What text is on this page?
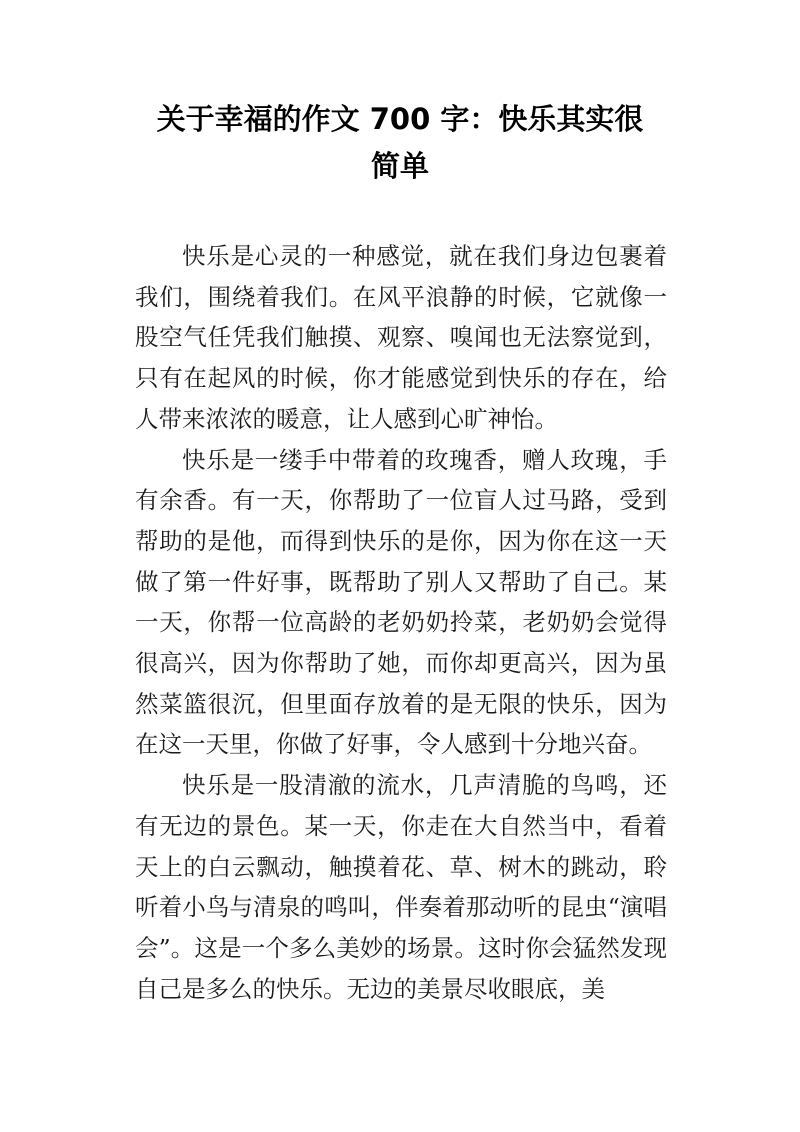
关于幸福的作文 700 字：快乐其实很
简单

快乐是心灵的一种感觉，就在我们身边包裹着我们，围绕着我们。在风平浪静的时候，它就像一股空气任凭我们触摸、观察、嗅闻也无法察觉到，只有在起风的时候，你才能感觉到快乐的存在，给人带来浓浓的暖意，让人感到心旷神怡。

快乐是一缕手中带着的玫瑰香，赠人玫瑰，手有余香。有一天，你帮助了一位盲人过马路，受到帮助的是他，而得到快乐的是你，因为你在这一天做了第一件好事，既帮助了别人又帮助了自己。某一天，你帮一位高龄的老奶奶拎菜，老奶奶会觉得很高兴，因为你帮助了她，而你却更高兴，因为虽然菜篮很沉，但里面存放着的是无限的快乐，因为在这一天里，你做了好事，令人感到十分地兴奋。

快乐是一股清澈的流水，几声清脆的鸟鸣，还有无边的景色。某一天，你走在大自然当中，看着天上的白云飘动，触摸着花、草、树木的跳动，聆听着小鸟与清泉的鸣叫，伴奏着那动听的昆虫“演唱会”。这是一个多么美妙的场景。这时你会猛然发现自己是多么的快乐。无边的美景尽收眼底，美
